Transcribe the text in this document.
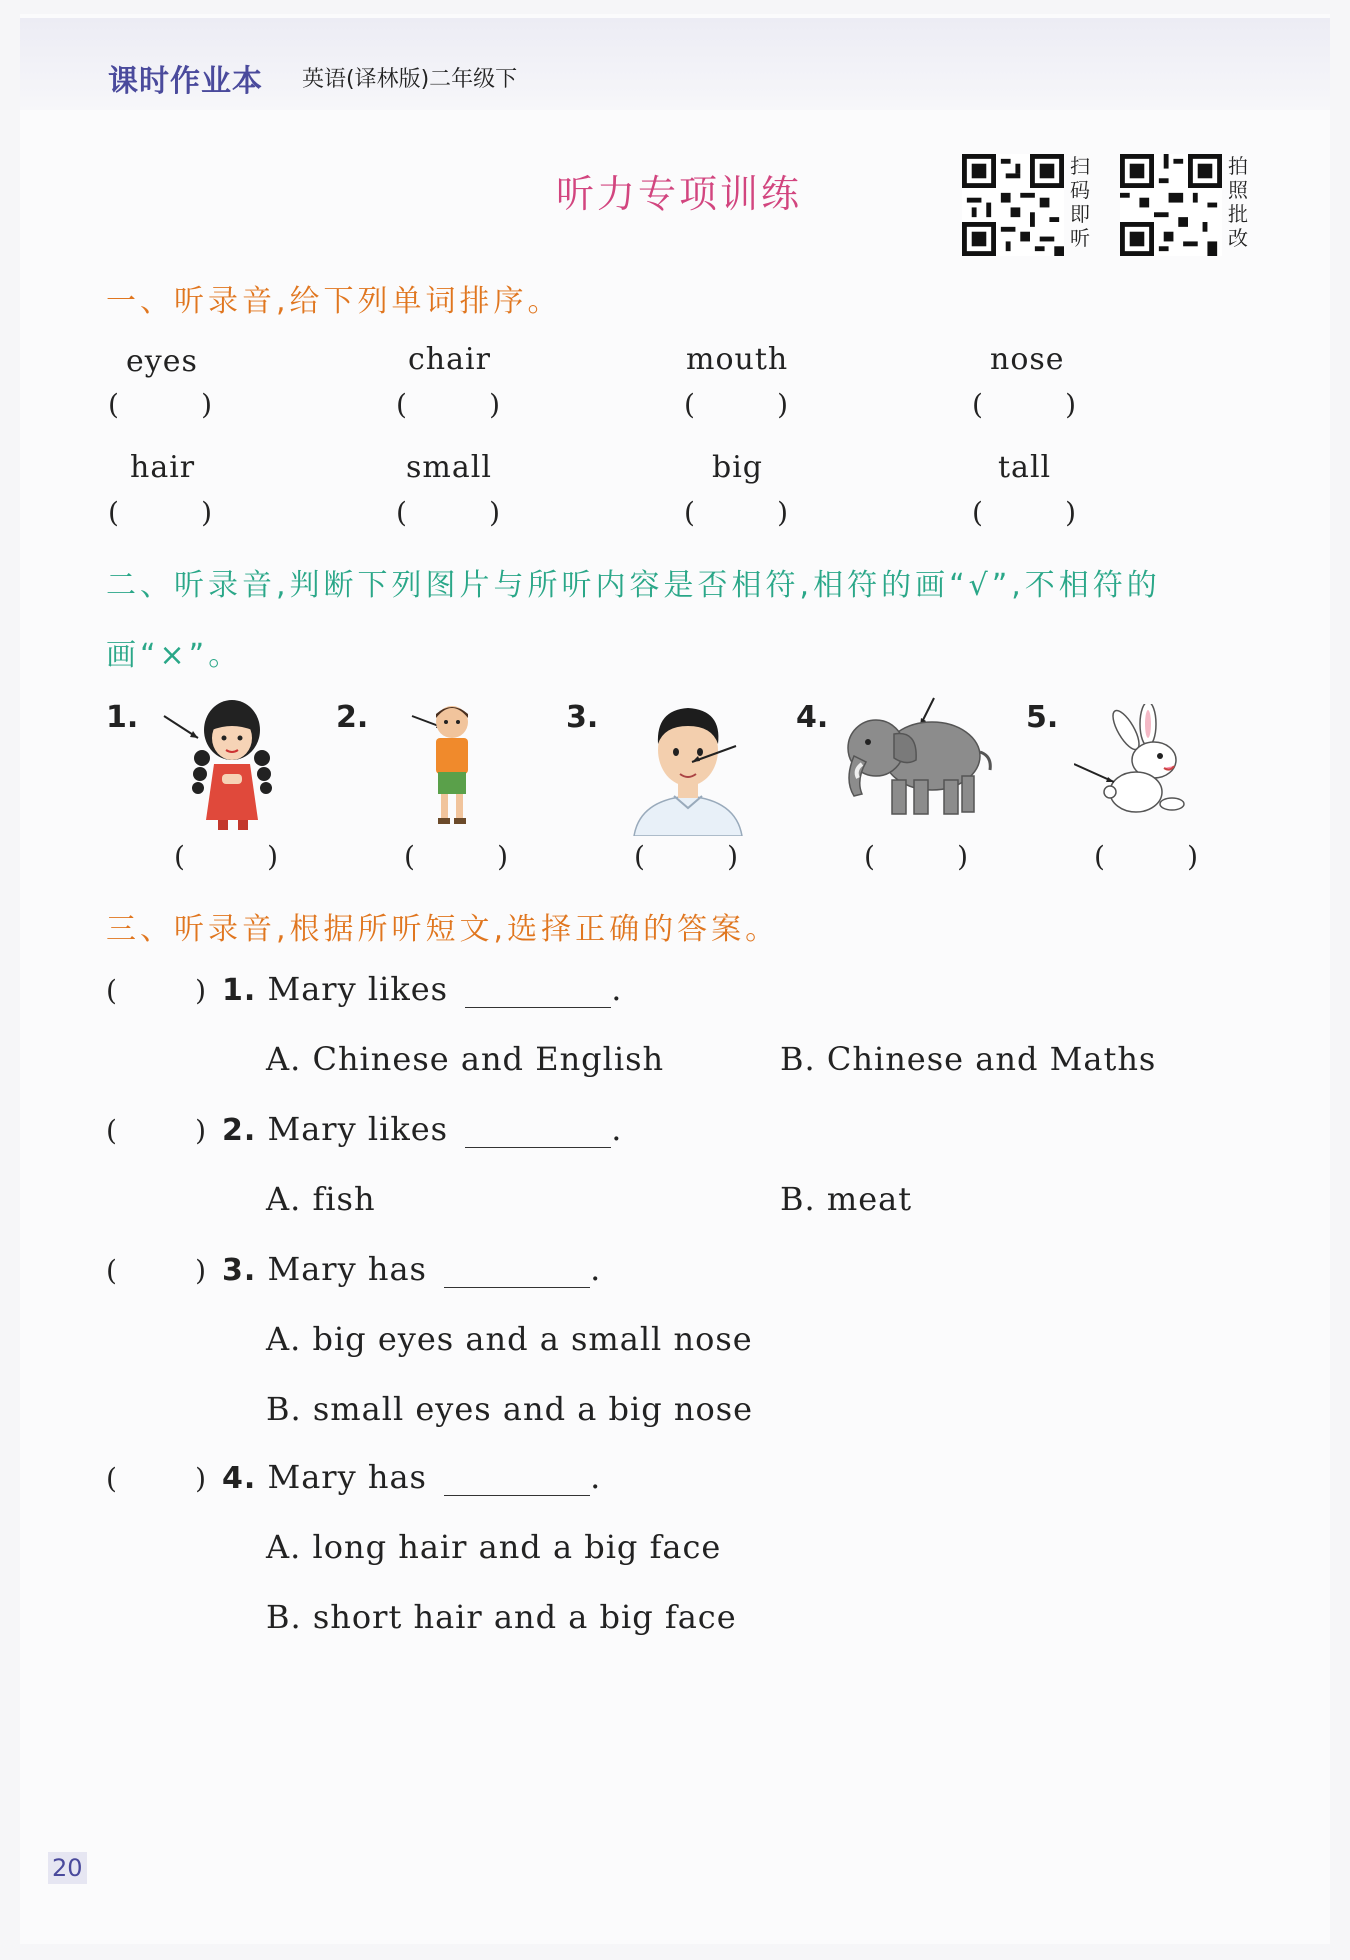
课时作业本 英语(译林版)二年级下
听力专项训练
扫码即听
拍照批改
一、听录音,给下列单词排序。
eyes	chair	mouth	nose
(	)	(	)	(	)	(	)
hair	small	big	tall
(	)	(	)	(	)	(	)
二、听录音,判断下列图片与所听内容是否相符,相符的画“√”,不相符的
画“×”。
1.
(	)
2.
(	)
3.
(	)
4.
(	)
5.
(	)
三、听录音,根据所听短文,选择正确的答案。
(	) 1. Mary likes	.
A. Chinese and English	B. Chinese and Maths
(	) 2. Mary likes	.
A. fish	B. meat
(	) 3. Mary has	.
A. big eyes and a small nose
B. small eyes and a big nose
(	) 4. Mary has	.
A. long hair and a big face
B. short hair and a big face
20
